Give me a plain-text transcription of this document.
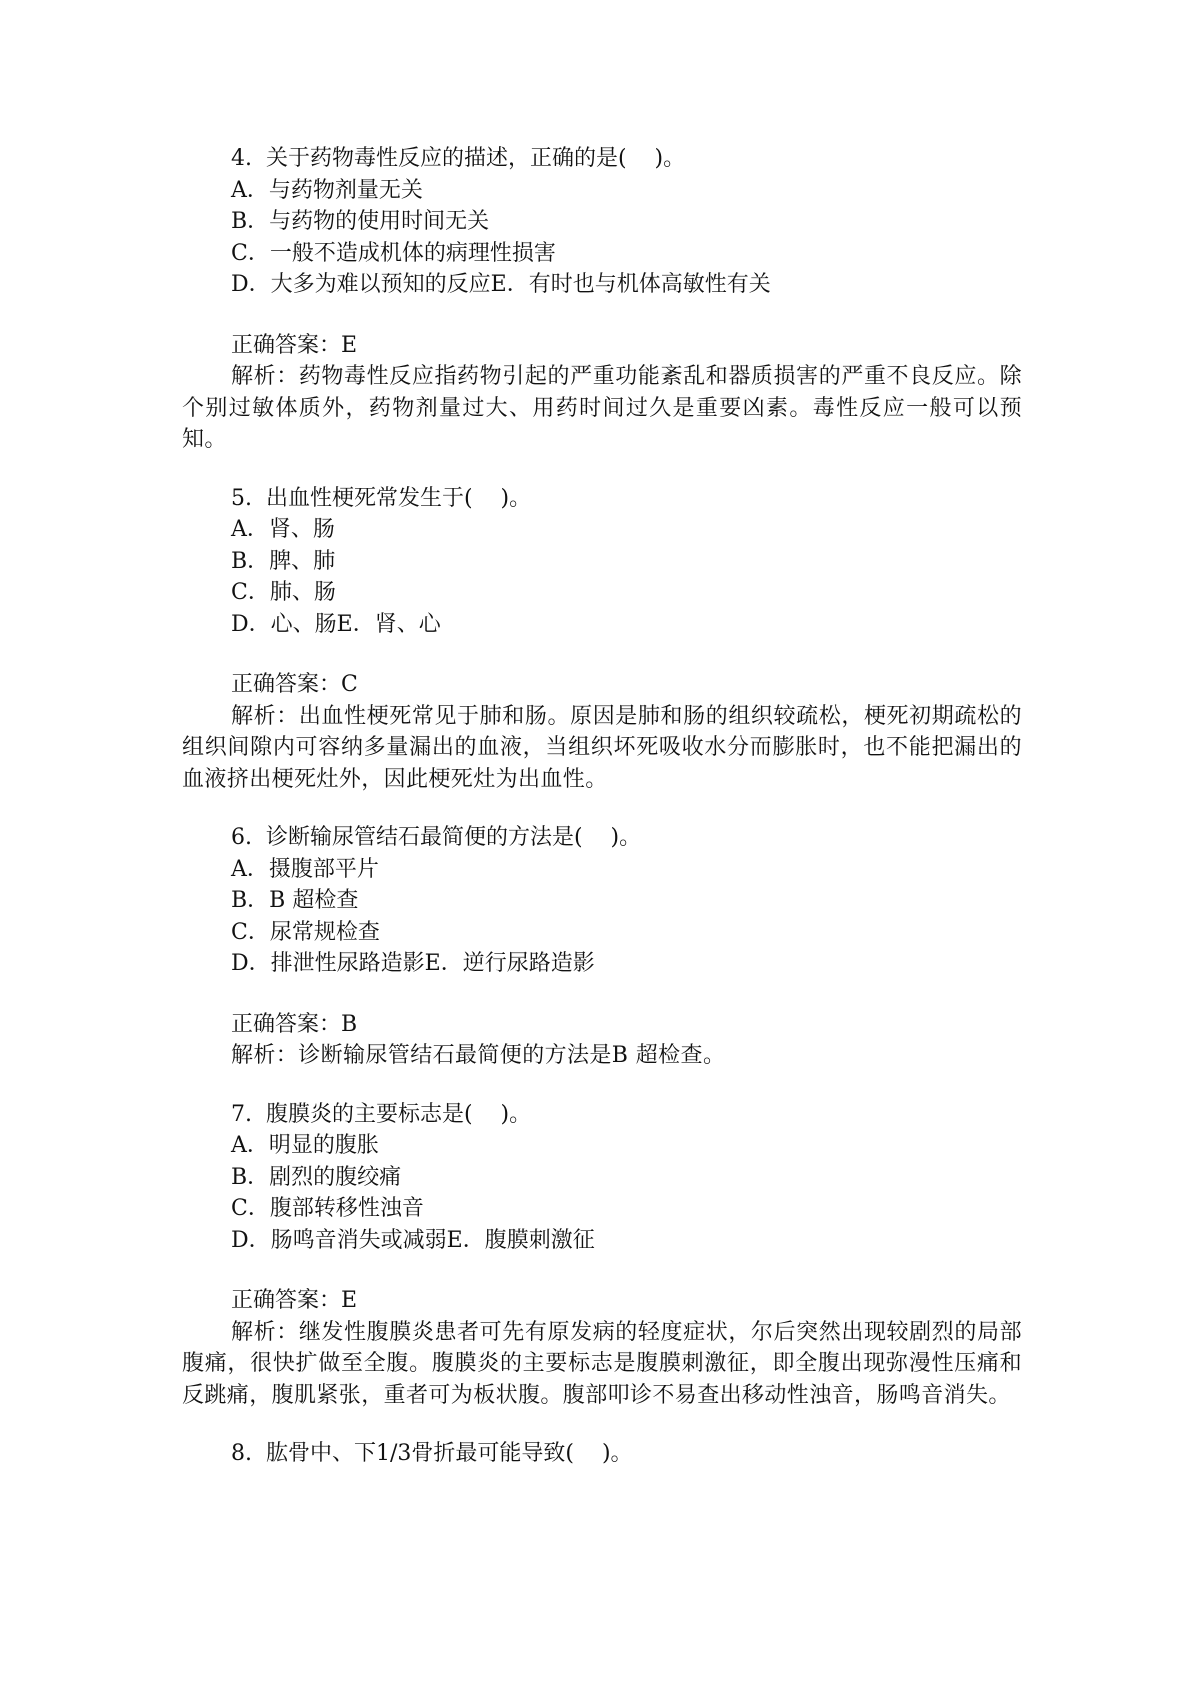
4.  关于药物毒性反应的描述，正确的是(    )。

A．与药物剂量无关

B．与药物的使用时间无关

C．一般不造成机体的病理性损害

D．大多为难以预知的反应E．有时也与机体高敏性有关

正确答案：E

解析：药物毒性反应指药物引起的严重功能紊乱和器质损害的严重不良反应。除个别过敏体质外，药物剂量过大、用药时间过久是重要凶素。毒性反应一般可以预知。

5.  出血性梗死常发生于(    )。

A．肾、肠

B．脾、肺

C．肺、肠

D．心、肠E．肾、心

正确答案：C

解析：出血性梗死常见于肺和肠。原因是肺和肠的组织较疏松，梗死初期疏松的组织间隙内可容纳多量漏出的血液，当组织坏死吸收水分而膨胀时，也不能把漏出的血液挤出梗死灶外，因此梗死灶为出血性。

6.  诊断输尿管结石最简便的方法是(    )。

A．摄腹部平片

B．B 超检查

C．尿常规检查

D．排泄性尿路造影E．逆行尿路造影

正确答案：B

解析：诊断输尿管结石最简便的方法是B 超检查。

7.  腹膜炎的主要标志是(    )。

A．明显的腹胀

B．剧烈的腹绞痛

C．腹部转移性浊音

D．肠鸣音消失或减弱E．腹膜刺激征

正确答案：E

解析：继发性腹膜炎患者可先有原发病的轻度症状，尔后突然出现较剧烈的局部腹痛，很快扩做至全腹。腹膜炎的主要标志是腹膜刺激征，即全腹出现弥漫性压痛和反跳痛，腹肌紧张，重者可为板状腹。腹部叩诊不易查出移动性浊音，肠鸣音消失。

8.  肱骨中、下1/3骨折最可能导致(    )。
